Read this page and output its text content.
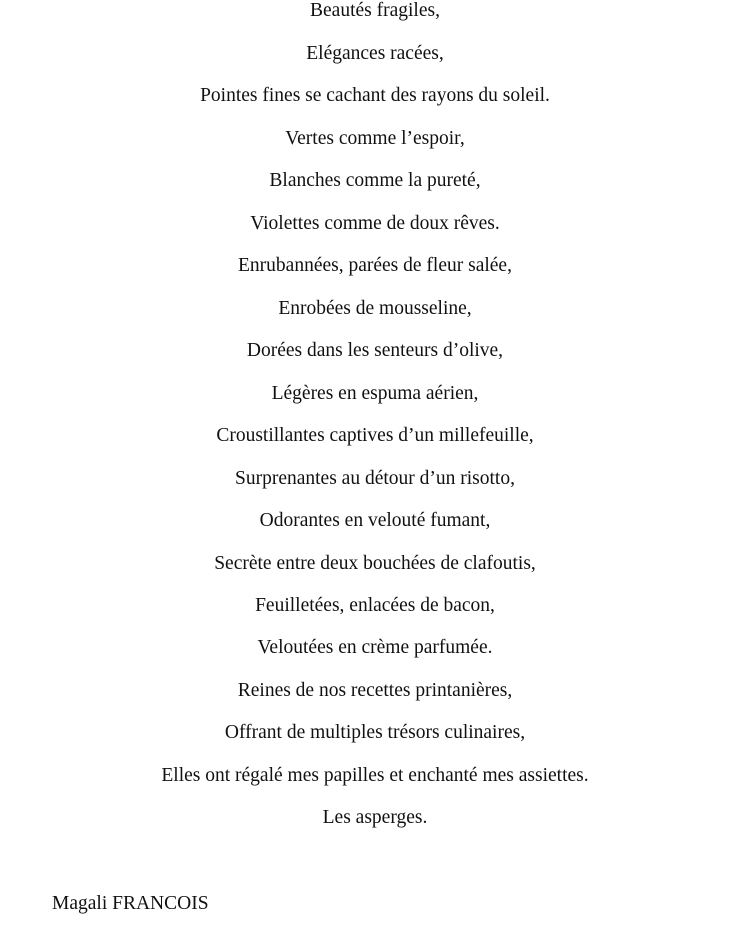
Beautés fragiles,
Elégances racées,
Pointes fines se cachant des rayons du soleil.
Vertes comme l’espoir,
Blanches comme la pureté,
Violettes comme de doux rêves.
Enrubannées, parées de fleur salée,
Enrobées de mousseline,
Dorées dans les senteurs d’olive,
Légères en espuma aérien,
Croustillantes captives d’un millefeuille,
Surprenantes au détour d’un risotto,
Odorantes en velouté fumant,
Secrète entre deux bouchées de clafoutis,
Feuilletées, enlacées de bacon,
Veloutées en crème parfumée.
Reines de nos recettes printanières,
Offrant de multiples trésors culinaires,
Elles ont régalé mes papilles et enchanté mes assiettes.
Les asperges.
Magali FRANCOIS
